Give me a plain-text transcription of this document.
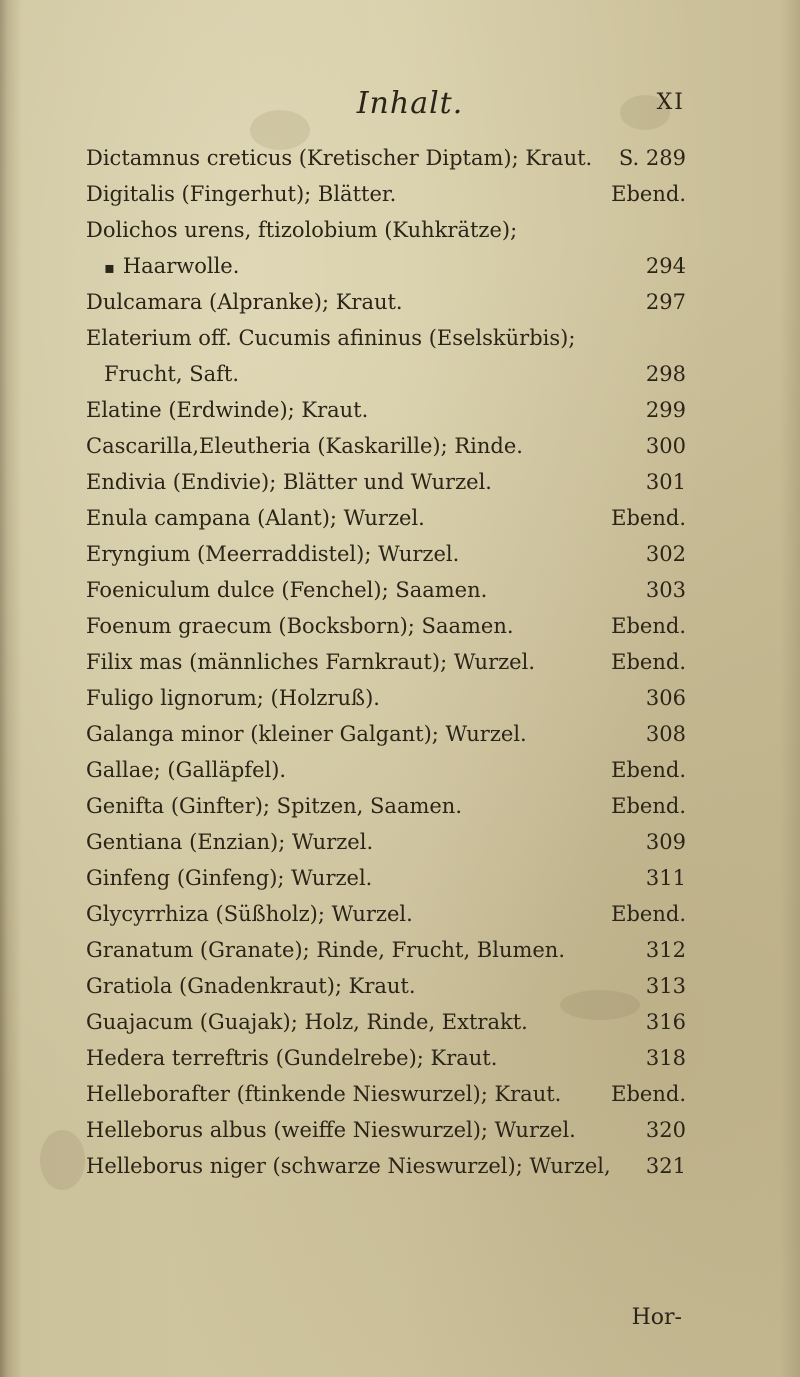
Inhalt.	XI
Dictamnus creticus (Kretischer Diptam); Kraut. S. 289
Digitalis (Fingerhut); Blätter.	Ebend.
Dolichos urens, ftizolobium (Kuhkrätze);
▪ Haarwolle.	294
Dulcamara (Alpranke); Kraut.	297
Elaterium off. Cucumis afininus (Eselskürbis);
Frucht, Saft.	298
Elatine (Erdwinde); Kraut.	299
Cascarilla,Eleutheria (Kaskarille); Rinde.	300
Endivia (Endivie); Blätter und Wurzel.	301
Enula campana (Alant); Wurzel.	Ebend.
Eryngium (Meerraddistel); Wurzel.	302
Foeniculum dulce (Fenchel); Saamen.	303
Foenum graecum (Bocksborn); Saamen.	Ebend.
Filix mas (männliches Farnkraut); Wurzel.	Ebend.
Fuligo lignorum; (Holzruß).	306
Galanga minor (kleiner Galgant); Wurzel.	308
Gallae; (Galläpfel).	Ebend.
Genifta (Ginfter); Spitzen, Saamen.	Ebend.
Gentiana (Enzian); Wurzel.	309
Ginfeng (Ginfeng); Wurzel.	311
Glycyrrhiza (Süßholz); Wurzel.	Ebend.
Granatum (Granate); Rinde, Frucht, Blumen.	312
Gratiola (Gnadenkraut); Kraut.	313
Guajacum (Guajak); Holz, Rinde, Extrakt.	316
Hedera terreftris (Gundelrebe); Kraut.	318
Helleborafter (ftinkende Nieswurzel); Kraut. Ebend.
Helleborus albus (weiffe Nieswurzel); Wurzel.	320
Helleborus niger (schwarze Nieswurzel); Wurzel, 321
Hor-
